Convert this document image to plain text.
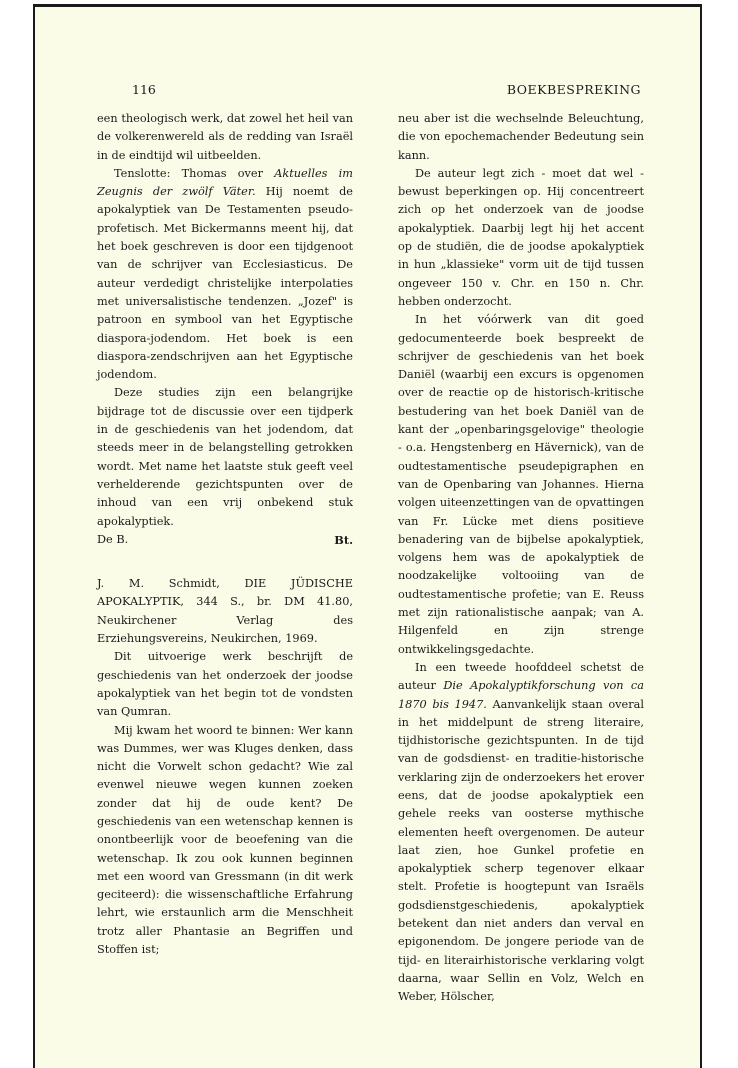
116	BOEKBESPREKING

een theologisch werk, dat zowel het heil van de volkerenwereld als de redding van Israël in de eindtijd wil uitbeelden.

Tenslotte: Thomas over Aktuelles im Zeugnis der zwölf Väter. Hij noemt de apokalyptiek van De Testamenten pseudo-profetisch. Met Bickermanns meent hij, dat het boek geschreven is door een tijdgenoot van de schrijver van Ecclesiasticus. De auteur verdedigt christelijke interpolaties met universalistische tendenzen. „Jozef" is patroon en symbool van het Egyptische diaspora-jodendom. Het boek is een diaspora-zendschrijven aan het Egyptische jodendom.

Deze studies zijn een belangrijke bijdrage tot de discussie over een tijdperk in de geschiedenis van het jodendom, dat steeds meer in de belangstelling getrokken wordt. Met name het laatste stuk geeft veel verhelderende gezichtspunten over de inhoud van een vrij onbekend stuk apokalyptiek.

De B.	Bt.

J. M. Schmidt, DIE JÜDISCHE APOKALYPTIK, 344 S., br. DM 41.80, Neukirchener Verlag des Erziehungsvereins, Neukirchen, 1969.

Dit uitvoerige werk beschrijft de geschiedenis van het onderzoek der joodse apokalyptiek van het begin tot de vondsten van Qumran.

Mij kwam het woord te binnen: Wer kann was Dummes, wer was Kluges denken, dass nicht die Vorwelt schon gedacht? Wie zal evenwel nieuwe wegen kunnen zoeken zonder dat hij de oude kent? De geschiedenis van een wetenschap kennen is onontbeerlijk voor de beoefening van die wetenschap. Ik zou ook kunnen beginnen met een woord van Gressmann (in dit werk geciteerd): die wissenschaftliche Erfahrung lehrt, wie erstaunlich arm die Menschheit trotz aller Phantasie an Begriffen und Stoffen ist;

neu aber ist die wechselnde Beleuchtung, die von epochemachender Bedeutung sein kann.

De auteur legt zich - moet dat wel - bewust beperkingen op. Hij concentreert zich op het onderzoek van de joodse apokalyptiek. Daarbij legt hij het accent op de studiën, die de joodse apokalyptiek in hun „klassieke" vorm uit de tijd tussen ongeveer 150 v. Chr. en 150 n. Chr. hebben onderzocht.

In het vóórwerk van dit goed gedocumenteerde boek bespreekt de schrijver de geschiedenis van het boek Daniël (waarbij een excurs is opgenomen over de reactie op de historisch-kritische bestudering van het boek Daniël van de kant der „openbaringsgelovige" theologie - o.a. Hengstenberg en Hävernick), van de oudtestamentische pseudepigraphen en van de Openbaring van Johannes. Hierna volgen uiteenzettingen van de opvattingen van Fr. Lücke met diens positieve benadering van de bijbelse apokalyptiek, volgens hem was de apokalyptiek de noodzakelijke voltooiing van de oudtestamentische profetie; van E. Reuss met zijn rationalistische aanpak; van A. Hilgenfeld en zijn strenge ontwikkelingsgedachte.

In een tweede hoofddeel schetst de auteur Die Apokalyptikforschung von ca 1870 bis 1947. Aanvankelijk staan overal in het middelpunt de streng literaire, tijdhistorische gezichtspunten. In de tijd van de godsdienst- en traditie-historische verklaring zijn de onderzoekers het erover eens, dat de joodse apokalyptiek een gehele reeks van oosterse mythische elementen heeft overgenomen. De auteur laat zien, hoe Gunkel profetie en apokalyptiek scherp tegenover elkaar stelt. Profetie is hoogtepunt van Israëls godsdienstgeschiedenis, apokalyptiek betekent dan niet anders dan verval en epigonendom. De jongere periode van de tijd- en literairhistorische verklaring volgt daarna, waar Sellin en Volz, Welch en Weber, Hölscher,
